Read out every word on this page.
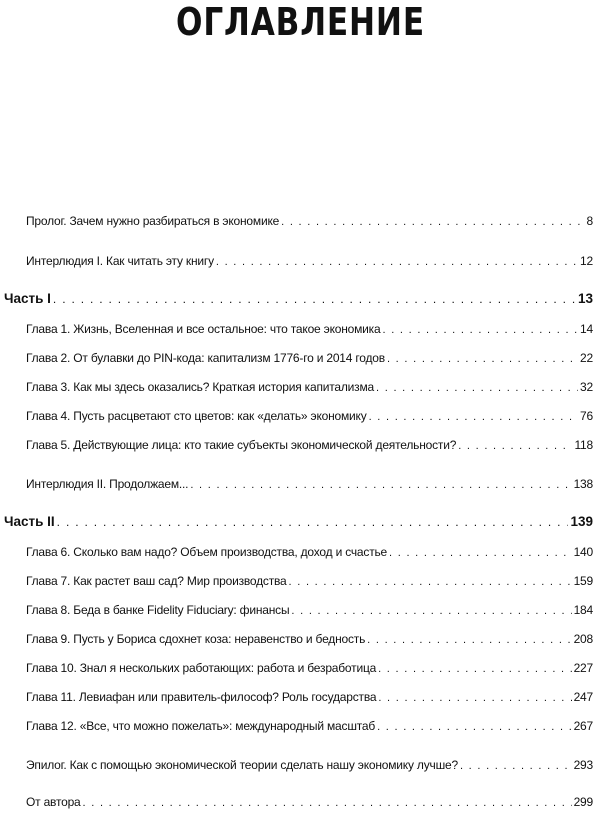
ОГЛАВЛЕНИЕ
Пролог. Зачем нужно разбираться в экономике . . .	8
Интерлюдия I. Как читать эту книгу . . .	12
Часть I . . .	13
Глава 1. Жизнь, Вселенная и все остальное: что такое экономика . . .	14
Глава 2. От булавки до PIN-кода: капитализм 1776-го и 2014 годов . . .	22
Глава 3. Как мы здесь оказались? Краткая история капитализма . . .	32
Глава 4. Пусть расцветают сто цветов: как «делать» экономику . . .	76
Глава 5. Действующие лица: кто такие субъекты экономической деятельности? . . .	118
Интерлюдия II. Продолжаем... . . .	138
Часть II . . .	139
Глава 6. Сколько вам надо? Объем производства, доход и счастье . . .	140
Глава 7. Как растет ваш сад? Мир производства . . .	159
Глава 8. Беда в банке Fidelity Fiduciary: финансы . . .	184
Глава 9. Пусть у Бориса сдохнет коза: неравенство и бедность . . .	208
Глава 10. Знал я нескольких работающих: работа и безработица . . .	227
Глава 11. Левиафан или правитель-философ? Роль государства . . .	247
Глава 12. «Все, что можно пожелать»: международный масштаб . . .	267
Эпилог. Как с помощью экономической теории сделать нашу экономику лучше? . . .	293
От автора . . .	299
